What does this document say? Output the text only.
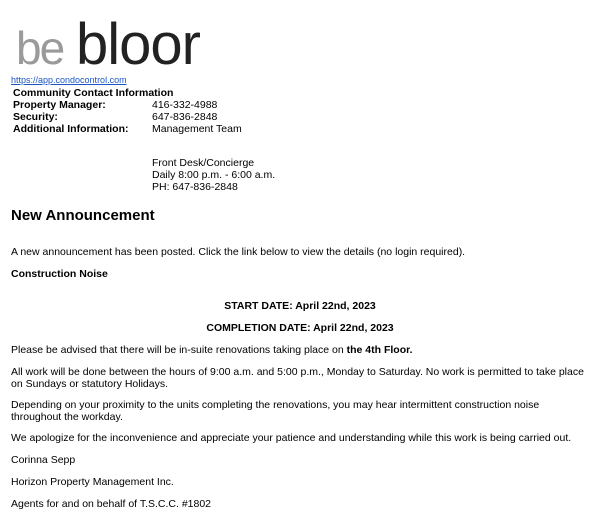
be bloor
https://app.condocontrol.com
Community Contact Information
Property Manager:	416-332-4988
Security:	647-836-2848
Additional Information: Management Team
Front Desk/Concierge
Daily 8:00 p.m. - 6:00 a.m.
PH: 647-836-2848
New Announcement
A new announcement has been posted. Click the link below to view the details (no login required).
Construction Noise
START DATE: April 22nd, 2023
COMPLETION DATE: April 22nd, 2023
Please be advised that there will be in-suite renovations taking place on the 4th Floor.
All work will be done between the hours of 9:00 a.m. and 5:00 p.m., Monday to Saturday. No work is permitted to take place on Sundays or statutory Holidays.
Depending on your proximity to the units completing the renovations, you may hear intermittent construction noise throughout the workday.
We apologize for the inconvenience and appreciate your patience and understanding while this work is being carried out.
Corinna Sepp
Horizon Property Management Inc.
Agents for and on behalf of T.S.C.C. #1802
